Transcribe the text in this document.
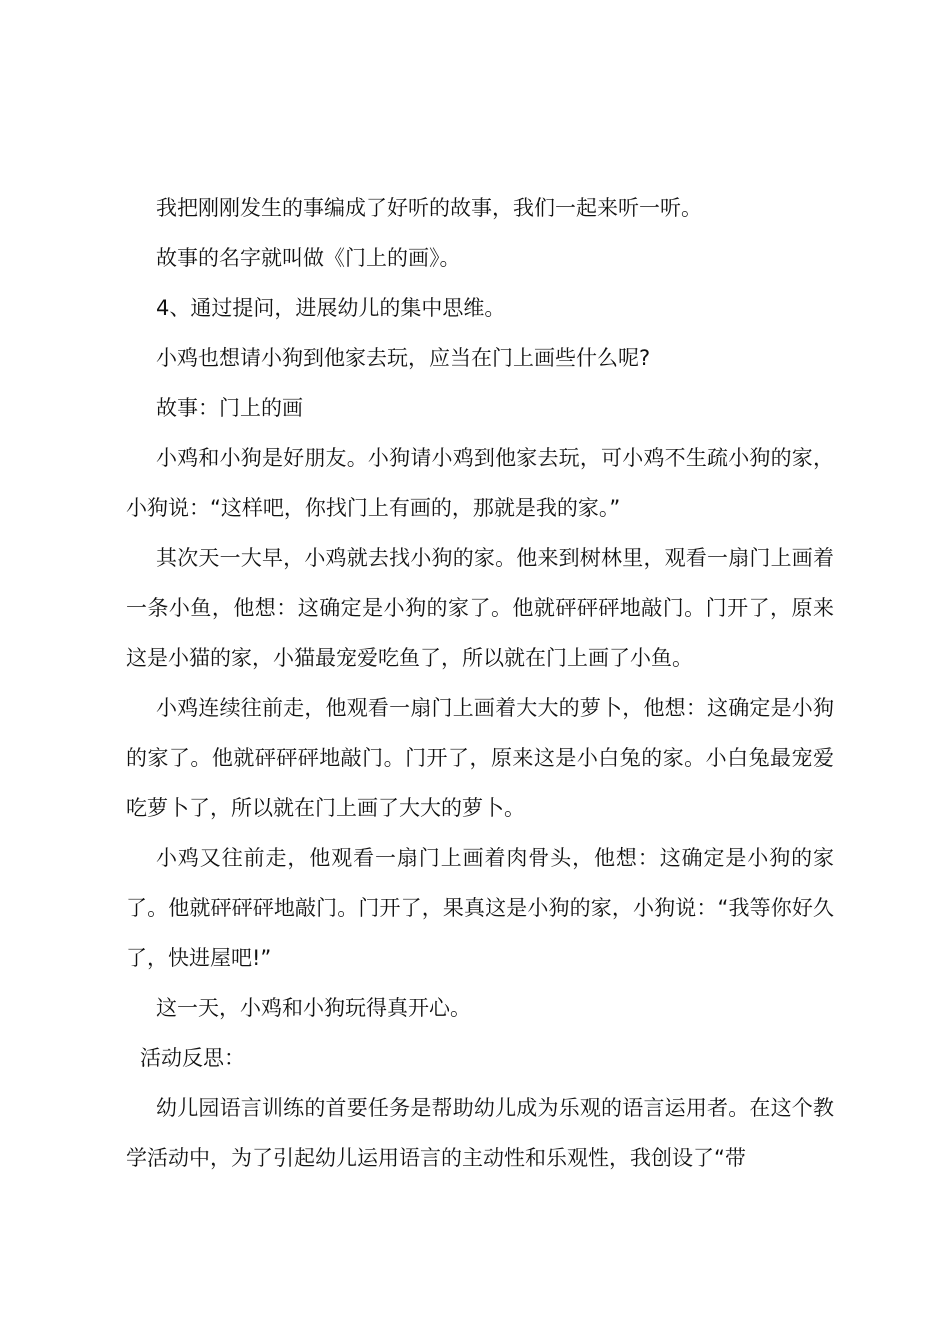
我把刚刚发生的事编成了好听的故事，我们一起来听一听。

故事的名字就叫做《门上的画》。

4、通过提问，进展幼儿的集中思维。

小鸡也想请小狗到他家去玩，应当在门上画些什么呢?

故事：门上的画

小鸡和小狗是好朋友。小狗请小鸡到他家去玩，可小鸡不生疏小狗的家，小狗说：“这样吧，你找门上有画的，那就是我的家。”

其次天一大早，小鸡就去找小狗的家。他来到树林里，观看一扇门上画着一条小鱼，他想：这确定是小狗的家了。他就砰砰砰地敲门。门开了，原来这是小猫的家，小猫最宠爱吃鱼了，所以就在门上画了小鱼。

小鸡连续往前走，他观看一扇门上画着大大的萝卜，他想：这确定是小狗的家了。他就砰砰砰地敲门。门开了，原来这是小白兔的家。小白兔最宠爱吃萝卜了，所以就在门上画了大大的萝卜。

小鸡又往前走，他观看一扇门上画着肉骨头，他想：这确定是小狗的家了。他就砰砰砰地敲门。门开了，果真这是小狗的家，小狗说：“我等你好久了，快进屋吧!”

这一天，小鸡和小狗玩得真开心。

活动反思：

幼儿园语言训练的首要任务是帮助幼儿成为乐观的语言运用者。在这个教学活动中，为了引起幼儿运用语言的主动性和乐观性，我创设了“带
